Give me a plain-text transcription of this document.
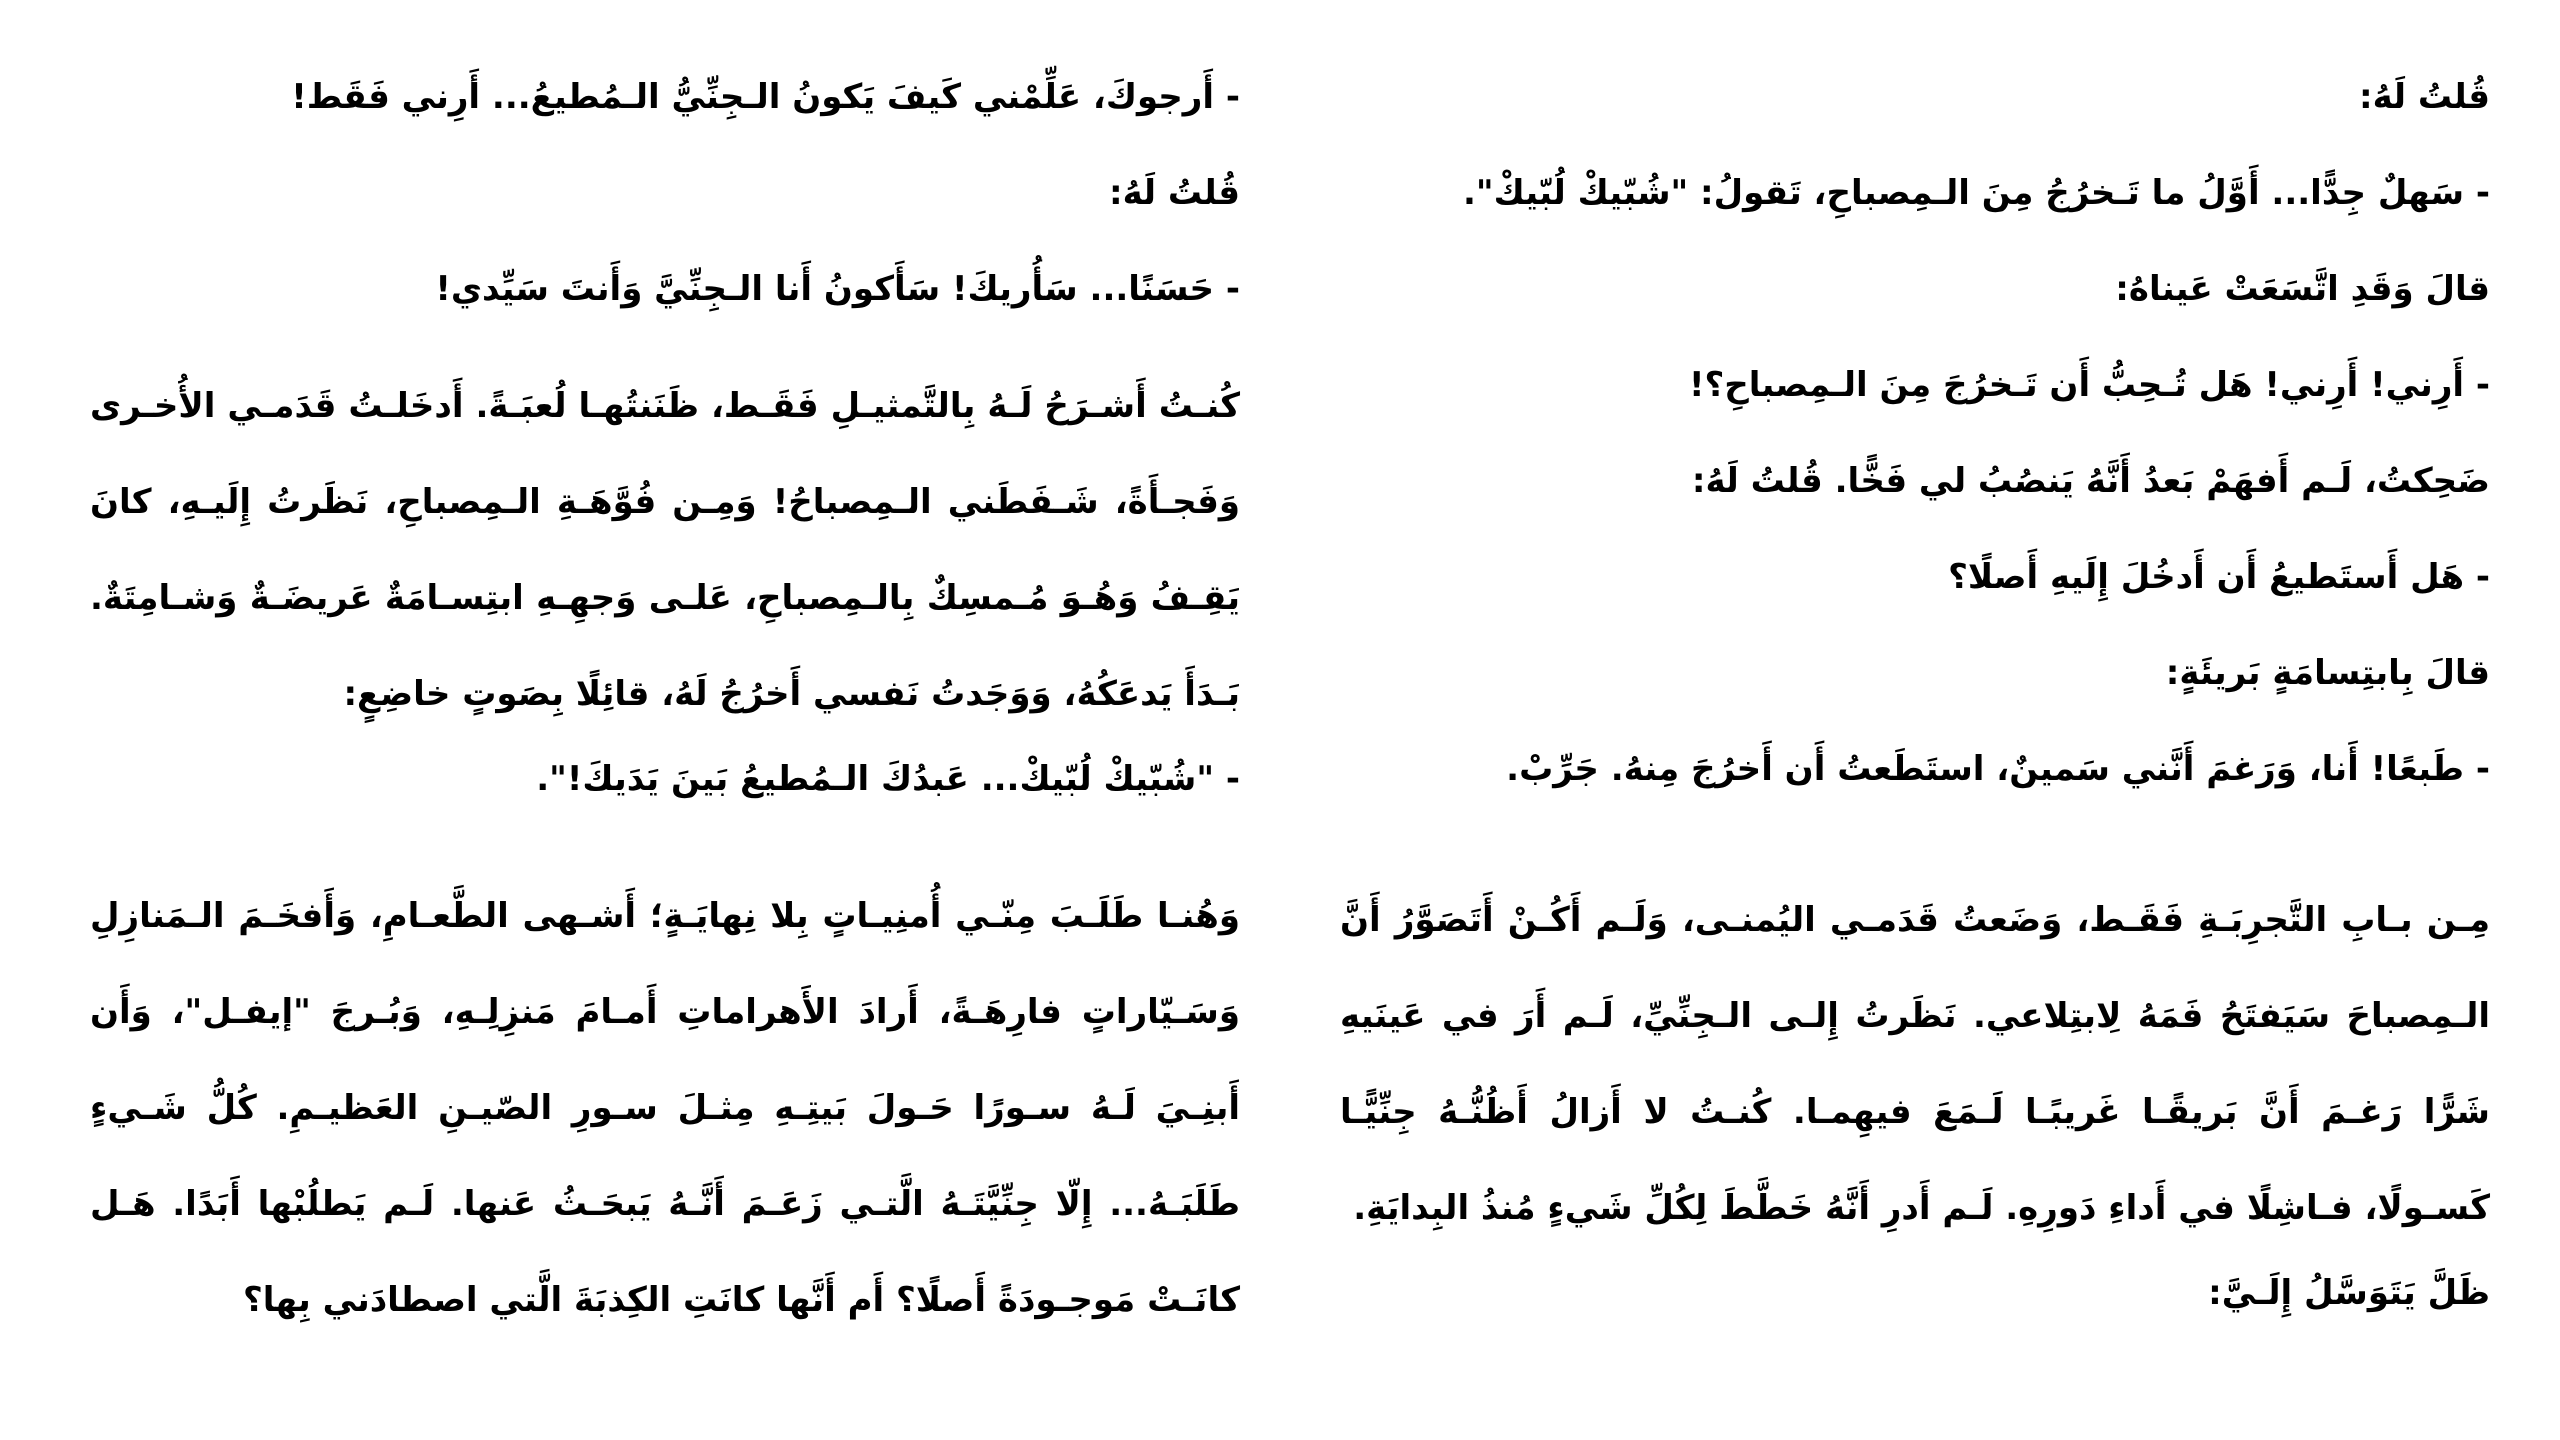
قُلتُ لَهُ:
- سَهلٌ جِدًّا... أَوَّلُ ما تَـخرُجُ مِنَ الـمِصباحِ، تَقولُ: "شُبّيكْ لُبّيكْ".
قالَ وَقَدِ اتَّسَعَتْ عَيناهُ:
- أَرِني! أَرِني! هَل تُـحِبُّ أَن تَـخرُجَ مِنَ الـمِصباحِ؟!
ضَحِكتُ، لَـم أَفهَمْ بَعدُ أَنَّهُ يَنصُبُ لي فَخًّا. قُلتُ لَهُ:
- هَل أَستَطيعُ أَن أَدخُلَ إِلَيهِ أَصلًا؟
قالَ بِابتِسامَةٍ بَريئَةٍ:
- طَبعًا! أَنا، وَرَغمَ أَنَّني سَمينٌ، استَطَعتُ أَن أَخرُجَ مِنهُ. جَرِّبْ.
مِـن بـابِ التَّجرِبَـةِ فَقَـط، وَضَعتُ قَدَمـي اليُمنـى، وَلَـم أَكُـنْ أَتَصَوَّرُ أَنَّ الـمِصباحَ سَيَفتَحُ فَمَهُ لِابتِلاعي. نَظَرتُ إِلـى الـجِنِّيِّ، لَـم أَرَ في عَينَيهِ شَرًّا رَغـمَ أَنَّ بَريقًـا غَريبًـا لَـمَعَ فيهِمـا. كُنـتُ لا أَزالُ أَظُنُّـهُ جِنِّيًّـا كَسـولًا، فـاشِلًا في أَداءِ دَورِهِ. لَـم أَدرِ أَنَّهُ خَطَّطَ لِكُلِّ شَيءٍ مُنذُ البِدايَةِ.
ظَلَّ يَتَوَسَّلُ إِلَـيَّ:
- أَرجوكَ، عَلِّمْني كَيفَ يَكونُ الـجِنِّيُّ الـمُطيعُ... أَرِني فَقَط!
قُلتُ لَهُ:
- حَسَنًا... سَأُريكَ! سَأَكونُ أَنا الـجِنِّيَّ وَأَنتَ سَيِّدي!
كُنـتُ أَشـرَحُ لَـهُ بِالتَّمثيـلِ فَقَـط، ظَنَنتُهـا لُعبَـةً. أَدخَلـتُ قَدَمـي الأُخـرى وَفَجـأَةً، شَـفَطَني الـمِصباحُ! وَمِـن فُوَّهَـةِ الـمِصباحِ، نَظَرتُ إِلَيـهِ، كانَ يَقِـفُ وَهُـوَ مُـمسِكٌ بِالـمِصباحِ، عَلـى وَجهِـهِ ابتِسـامَةٌ عَريضَـةٌ وَشـامِتَةٌ. بَـدَأَ يَدعَكُهُ، وَوَجَدتُ نَفسي أَخرُجُ لَهُ، قائِلًا بِصَوتٍ خاضِعٍ:
- "شُبّيكْ لُبّيكْ... عَبدُكَ الـمُطيعُ بَينَ يَدَيكَ!".
وَهُنـا طَلَـبَ مِنّـي أُمنِيـاتٍ بِلا نِهايَـةٍ؛ أَشـهى الطَّعـامِ، وَأَفخَـمَ الـمَنازِلِ وَسَـيّاراتٍ فارِهَـةً، أَرادَ الأَهراماتِ أَمـامَ مَنزِلِـهِ، وَبُـرجَ "إيفـل"، وَأَن أَبنِـيَ لَـهُ سـورًا حَـولَ بَيتِـهِ مِثـلَ سـورِ الصّيـنِ العَظيـمِ. كُلُّ شَـيءٍ طَلَبَـهُ... إِلّا جِنِّيَّتَـهُ الَّتـي زَعَـمَ أَنَّـهُ يَبحَـثُ عَنها. لَـم يَطلُبْها أَبَدًا. هَـل كانَـتْ مَوجـودَةً أَصلًا؟ أَم أَنَّها كانَتِ الكِذبَةَ الَّتي اصطادَني بِها؟
